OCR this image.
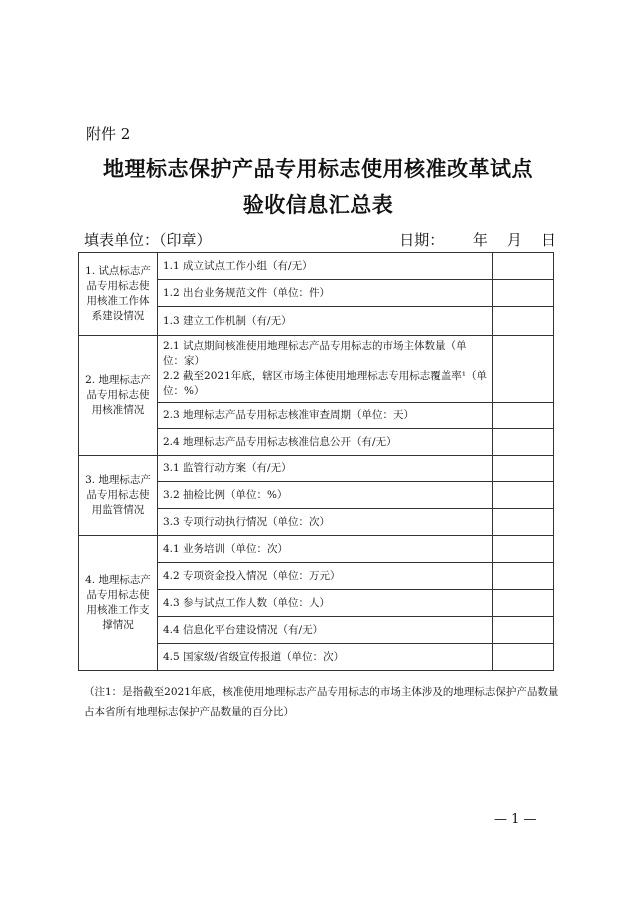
附件 2
地理标志保护产品专用标志使用核准改革试点
验收信息汇总表
填表单位：（印章）	日期：      年    月    日
1. 试点标志产品专用标志使用核准工作体系建设情况	1.1 成立试点工作小组（有/无）	
	1.2 出台业务规范文件（单位：件）	
	1.3 建立工作机制（有/无）	
2. 地理标志产品专用标志使用核准情况	2.1 试点期间核准使用地理标志产品专用标志的市场主体数量（单位：家）
2.2 截至2021年底，辖区市场主体使用地理标志专用标志覆盖率¹（单位：%）	
	2.3 地理标志产品专用标志核准审查周期（单位：天）	
	2.4 地理标志产品专用标志核准信息公开（有/无）	
3. 地理标志产品专用标志使用监管情况	3.1 监管行动方案（有/无）	
	3.2 抽检比例（单位：%）	
	3.3 专项行动执行情况（单位：次）	
4. 地理标志产品专用标志使用核准工作支撑情况	4.1 业务培训（单位：次）	
	4.2 专项资金投入情况（单位：万元）	
	4.3 参与试点工作人数（单位：人）	
	4.4 信息化平台建设情况（有/无）	
	4.5 国家级/省级宣传报道（单位：次）	
（注1：是指截至2021年底，核准使用地理标志产品专用标志的市场主体涉及的地理标志保护产品数量占本省所有地理标志保护产品数量的百分比）
— 1 —
